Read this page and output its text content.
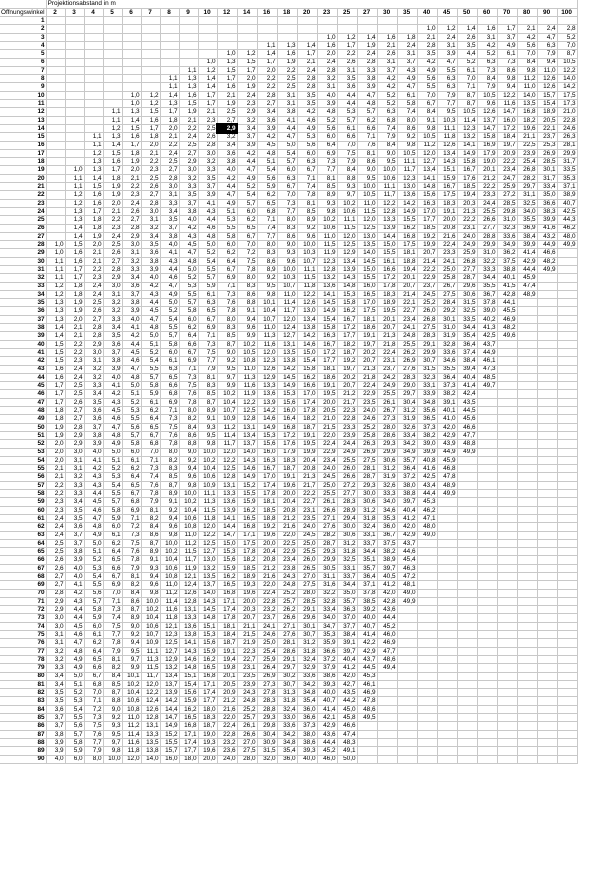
	Projektionsabstand in m																										
Öffnungswinkel	2	3	4	5	6	7	8	9	10	12	14	16	18	20	23	25	27	30	35	40	45	50	60	70	80	90	100
1																											
2																				1,0	1,2	1,4	1,6	1,7	2,1	2,4	2,8
3															1,0	1,2	1,4	1,6	1,8	2,1	2,4	2,6	3,1	3,7	4,2	4,7	5,2
4												1,1	1,3	1,4	1,6	1,7	1,9	2,1	2,4	2,8	3,1	3,5	4,2	4,9	5,6	6,3	7,0
5										1,0	1,2	1,4	1,6	1,7	2,0	2,2	2,4	2,6	3,1	3,5	3,9	4,4	5,2	6,1	7,0	7,9	8,7
6									1,0	1,3	1,5	1,7	1,9	2,1	2,4	2,6	2,8	3,1	3,7	4,2	4,7	5,2	6,3	7,3	8,4	9,4	10,5
7								1,1	1,2	1,5	1,7	2,0	2,2	2,4	2,8	3,1	3,3	3,7	4,3	4,9	5,5	6,1	7,3	8,6	9,8	11,0	12,2
8							1,1	1,3	1,4	1,7	2,0	2,2	2,5	2,8	3,2	3,5	3,8	4,2	4,9	5,6	6,3	7,0	8,4	9,8	11,2	12,6	14,0
9							1,1	1,3	1,4	1,6	1,9	2,2	2,5	2,8	3,1	3,6	3,9	4,2	4,7	5,5	6,3	7,1	7,9	9,4	11,0	12,6	14,2
10					1,0	1,2	1,4	1,6	1,7	2,1	2,4	2,8	3,1	3,5	4,0	4,4	4,7	5,2	6,1	7,0	7,9	8,7	10,5	12,2	14,0	15,7	17,5
11					1,0	1,2	1,3	1,5	1,7	1,9	2,3	2,7	3,1	3,5	3,9	4,4	4,8	5,2	5,8	6,7	7,7	8,7	9,6	11,6	13,5	15,4	17,3
12				1,1	1,3	1,5	1,7	1,9	2,1	2,5	2,9	3,4	3,8	4,2	4,8	5,3	5,7	6,3	7,4	8,4	9,5	10,5	12,6	14,7	16,8	18,9	21,0
13				1,1	1,4	1,6	1,8	2,1	2,3	2,7	3,2	3,6	4,1	4,6	5,2	5,7	6,2	6,8	8,0	9,1	10,3	11,4	13,7	16,0	18,2	20,5	22,8
14				1,2	1,5	1,7	2,0	2,2	2,5	2,9	3,4	3,9	4,4	4,9	5,6	6,1	6,6	7,4	8,6	9,8	11,1	12,3	14,7	17,2	19,6	22,1	24,6
15			1,1	1,3	1,6	1,8	2,1	2,4	2,6	3,2	3,7	4,2	4,7	5,3	6,0	6,6	7,1	7,9	9,2	10,5	11,8	13,2	15,8	18,4	21,1	23,7	26,3
16			1,1	1,4	1,7	2,0	2,2	2,5	2,8	3,4	3,9	4,5	5,0	5,6	6,4	7,0	7,6	8,4	9,8	11,2	12,6	14,1	16,9	19,7	22,5	25,3	28,1
17			1,2	1,5	1,8	2,1	2,4	2,7	3,0	3,6	4,2	4,8	5,4	6,0	6,9	7,5	8,1	9,0	10,5	12,0	13,4	14,9	17,9	20,9	23,9	26,9	29,9
18			1,3	1,6	1,9	2,2	2,5	2,9	3,2	3,8	4,4	5,1	5,7	6,3	7,3	7,9	8,6	9,5	11,1	12,7	14,3	15,8	19,0	22,2	25,4	28,5	31,7
19		1,0	1,3	1,7	2,0	2,3	2,7	3,0	3,3	4,0	4,7	5,4	6,0	6,7	7,7	8,4	9,0	10,0	11,7	13,4	15,1	16,7	20,1	23,4	26,8	30,1	33,5
20		1,1	1,4	1,8	2,1	2,5	2,8	3,2	3,5	4,2	4,9	5,6	6,3	7,1	8,1	8,8	9,5	10,6	12,3	14,1	15,9	17,6	21,2	24,7	28,2	31,7	35,3
21		1,1	1,5	1,9	2,2	2,6	3,0	3,3	3,7	4,4	5,2	5,9	6,7	7,4	8,5	9,3	10,0	11,1	13,0	14,8	16,7	18,5	22,2	25,9	29,7	33,4	37,1
22		1,2	1,6	1,9	2,3	2,7	3,1	3,5	3,9	4,7	5,4	6,2	7,0	7,8	8,9	9,7	10,5	11,7	13,6	15,6	17,5	19,4	23,3	27,2	31,1	35,0	38,9
23		1,2	1,6	2,0	2,4	2,8	3,3	3,7	4,1	4,9	5,7	6,5	7,3	8,1	9,3	10,2	11,0	12,2	14,2	16,3	18,3	20,3	24,4	28,5	32,5	36,6	40,7
24		1,3	1,7	2,1	2,6	3,0	3,4	3,8	4,3	5,1	6,0	6,8	7,7	8,5	9,8	10,6	11,5	12,8	14,9	17,0	19,1	21,3	25,5	29,8	34,0	38,3	42,5
25		1,3	1,8	2,2	2,7	3,1	3,5	4,0	4,4	5,3	6,2	7,1	8,0	8,9	10,2	11,1	12,0	13,3	15,5	17,7	20,0	22,2	26,6	31,0	35,5	39,9	44,3
26		1,4	1,8	2,3	2,8	3,2	3,7	4,2	4,6	5,5	6,5	7,4	8,3	9,2	10,6	11,5	12,5	13,9	16,2	18,5	20,8	23,1	27,7	32,3	36,9	41,6	46,2
27		1,4	1,9	2,4	2,9	3,4	3,8	4,3	4,8	5,8	6,7	7,7	8,6	9,6	11,0	12,0	13,0	14,4	16,8	19,2	21,6	24,0	28,8	33,6	38,4	43,2	48,0
28	1,0	1,5	2,0	2,5	3,0	3,5	4,0	4,5	5,0	6,0	7,0	8,0	9,0	10,0	11,5	12,5	13,5	15,0	17,5	19,9	22,4	24,9	29,9	34,9	39,9	44,9	49,9
29	1,0	1,6	2,1	2,6	3,1	3,6	4,1	4,7	5,2	6,2	7,2	8,3	9,3	10,3	11,9	12,9	14,0	15,5	18,1	20,7	23,3	25,9	31,0	36,2	41,4	46,6	
30	1,1	1,6	2,1	2,7	3,2	3,8	4,3	4,8	5,4	6,4	7,5	8,6	9,6	10,7	12,3	13,4	14,5	16,1	18,8	21,4	24,1	26,8	32,2	37,5	42,9	48,2	
31	1,1	1,7	2,2	2,8	3,3	3,9	4,4	5,0	5,5	6,7	7,8	8,9	10,0	11,1	12,8	13,9	15,0	16,6	19,4	22,2	25,0	27,7	33,3	38,8	44,4	49,9	
32	1,1	1,7	2,3	2,9	3,4	4,0	4,6	5,2	5,7	6,9	8,0	9,2	10,3	11,5	13,2	14,3	15,5	17,2	20,1	22,9	25,8	28,7	34,4	40,1	45,9		
33	1,2	1,8	2,4	3,0	3,6	4,2	4,7	5,3	5,9	7,1	8,3	9,5	10,7	11,8	13,6	14,8	16,0	17,8	20,7	23,7	26,7	29,6	35,5	41,5	47,4		
34	1,2	1,8	2,4	3,1	3,7	4,3	4,9	5,5	6,1	7,3	8,6	9,8	11,0	12,2	14,1	15,3	16,5	18,3	21,4	24,5	27,5	30,6	36,7	42,8	48,9		
35	1,3	1,9	2,5	3,2	3,8	4,4	5,0	5,7	6,3	7,6	8,8	10,1	11,4	12,6	14,5	15,8	17,0	18,9	22,1	25,2	28,4	31,5	37,8	44,1			
36	1,3	1,9	2,6	3,2	3,9	4,5	5,2	5,8	6,5	7,8	9,1	10,4	11,7	13,0	14,9	16,2	17,5	19,5	22,7	26,0	29,2	32,5	39,0	45,5			
37	1,3	2,0	2,7	3,3	4,0	4,7	5,4	6,0	6,7	8,0	9,4	10,7	12,0	13,4	15,4	16,7	18,1	20,1	23,4	26,8	30,1	33,5	40,2	46,9			
38	1,4	2,1	2,8	3,4	4,1	4,8	5,5	6,2	6,9	8,3	9,6	11,0	12,4	13,8	15,8	17,2	18,6	20,7	24,1	27,5	31,0	34,4	41,3	48,2			
39	1,4	2,1	2,8	3,5	4,2	5,0	5,7	6,4	7,1	8,5	9,9	11,3	12,7	14,2	16,3	17,7	19,1	21,3	24,8	28,3	31,9	35,4	42,5	49,6			
40	1,5	2,2	2,9	3,6	4,4	5,1	5,8	6,6	7,3	8,7	10,2	11,6	13,1	14,6	16,7	18,2	19,7	21,8	25,5	29,1	32,8	36,4	43,7				
41	1,5	2,2	3,0	3,7	4,5	5,2	6,0	6,7	7,5	9,0	10,5	12,0	13,5	15,0	17,2	18,7	20,2	22,4	26,2	29,9	33,6	37,4	44,9				
42	1,5	2,3	3,1	3,8	4,6	5,4	6,1	6,9	7,7	9,2	10,8	12,3	13,8	15,4	17,7	19,2	20,7	23,1	26,9	30,7	34,6	38,4	46,1				
43	1,6	2,4	3,2	3,9	4,7	5,5	6,3	7,1	7,9	9,5	11,0	12,6	14,2	15,8	18,1	19,7	21,3	23,7	27,6	31,5	35,5	39,4	47,3				
44	1,6	2,4	3,2	4,0	4,8	5,7	6,5	7,3	8,1	9,7	11,3	12,9	14,5	16,2	18,6	20,2	21,8	24,2	28,3	32,3	36,4	40,4	48,5				
45	1,7	2,5	3,3	4,1	5,0	5,8	6,6	7,5	8,3	9,9	11,6	13,3	14,9	16,6	19,1	20,7	22,4	24,9	29,0	33,1	37,3	41,4	49,7				
46	1,7	2,5	3,4	4,2	5,1	5,9	6,8	7,6	8,5	10,2	11,9	13,6	15,3	17,0	19,5	21,2	22,9	25,5	29,7	33,9	38,2	42,4					
47	1,7	2,6	3,5	4,3	5,2	6,1	6,9	7,8	8,7	10,4	12,2	13,9	15,6	17,4	20,0	21,7	23,5	26,1	30,4	34,8	39,1	43,5					
48	1,8	2,7	3,6	4,5	5,3	6,2	7,1	8,0	8,9	10,7	12,5	14,2	16,0	17,8	20,5	22,3	24,0	26,7	31,2	35,6	40,1	44,5					
49	1,8	2,7	3,6	4,6	5,5	6,4	7,3	8,2	9,1	10,9	12,8	14,6	16,4	18,2	21,0	22,8	24,6	27,3	31,9	36,5	41,0	45,6					
50	1,9	2,8	3,7	4,7	5,6	6,5	7,5	8,4	9,3	11,2	13,1	14,9	16,8	18,7	21,5	23,3	25,2	28,0	32,6	37,3	42,0	46,6					
51	1,9	2,9	3,8	4,8	5,7	6,7	7,6	8,6	9,5	11,4	13,4	15,3	17,2	19,1	22,0	23,9	25,8	28,6	33,4	38,2	42,9	47,7					
52	2,0	2,9	3,9	4,9	5,8	6,8	7,8	8,8	9,8	11,7	13,7	15,6	17,6	19,5	22,4	24,4	26,3	29,3	34,2	39,0	43,9	48,8					
53	2,0	3,0	4,0	5,0	6,0	7,0	8,0	9,0	10,0	12,0	14,0	16,0	17,9	19,9	22,9	24,9	26,9	29,9	34,9	39,9	44,9	49,9					
54	2,0	3,1	4,1	5,1	6,1	7,1	8,2	9,2	10,2	12,2	14,3	16,3	18,3	20,4	23,4	25,5	27,5	30,6	35,7	40,8	45,9						
55	2,1	3,1	4,2	5,2	6,2	7,3	8,3	9,4	10,4	12,5	14,6	16,7	18,7	20,8	24,0	26,0	28,1	31,2	36,4	41,6	46,8						
56	2,1	3,2	4,3	5,3	6,4	7,4	8,5	9,6	10,6	12,8	14,9	17,0	19,1	21,3	24,5	26,6	28,7	31,9	37,2	42,5	47,8						
57	2,2	3,3	4,3	5,4	6,5	7,6	8,7	9,8	10,9	13,1	15,2	17,4	19,6	21,7	25,0	27,2	29,3	32,6	38,0	43,4	48,9						
58	2,2	3,3	4,4	5,5	6,7	7,8	8,9	10,0	11,1	13,3	15,5	17,8	20,0	22,2	25,5	27,7	30,0	33,3	38,8	44,4	49,9						
59	2,3	3,4	4,5	5,7	6,8	7,9	9,1	10,2	11,3	13,6	15,9	18,1	20,4	22,7	26,1	28,3	30,6	34,0	39,7	45,3							
60	2,3	3,5	4,6	5,8	6,9	8,1	9,2	10,4	11,5	13,9	16,2	18,5	20,8	23,1	26,6	28,9	31,2	34,6	40,4	46,2							
61	2,4	3,5	4,7	5,9	7,1	8,2	9,4	10,6	11,8	14,1	16,5	18,8	21,2	23,5	27,1	29,4	31,8	35,3	41,2	47,1							
62	2,4	3,6	4,8	6,0	7,2	8,4	9,6	10,8	12,0	14,4	16,8	19,2	21,6	24,0	27,6	30,0	32,4	36,0	42,0	48,0							
63	2,4	3,7	4,9	6,1	7,3	8,6	9,8	11,0	12,2	14,7	17,1	19,6	22,0	24,5	28,2	30,6	33,1	36,7	42,9	49,0							
64	2,5	3,7	5,0	6,2	7,5	8,7	10,0	11,2	12,5	15,0	17,5	20,0	22,5	25,0	28,7	31,2	33,7	37,5	43,7								
65	2,5	3,8	5,1	6,4	7,6	8,9	10,2	11,5	12,7	15,3	17,8	20,4	22,9	25,5	29,3	31,8	34,4	38,2	44,6								
66	2,6	3,9	5,2	6,5	7,8	9,1	10,4	11,7	13,0	15,6	18,2	20,8	23,4	26,0	29,9	32,5	35,1	38,9	45,4								
67	2,6	4,0	5,3	6,6	7,9	9,3	10,6	11,9	13,2	15,9	18,5	21,2	23,8	26,5	30,5	33,1	35,7	39,7	46,3								
68	2,7	4,0	5,4	6,7	8,1	9,4	10,8	12,1	13,5	16,2	18,9	21,6	24,3	27,0	31,1	33,7	36,4	40,5	47,2								
69	2,7	4,1	5,5	6,9	8,2	9,6	11,0	12,4	13,7	16,5	19,3	22,0	24,8	27,5	31,6	34,4	37,1	41,2	48,1								
70	2,8	4,2	5,6	7,0	8,4	9,8	11,2	12,6	14,0	16,8	19,6	22,4	25,2	28,0	32,2	35,0	37,8	42,0	49,0								
71	2,9	4,3	5,7	7,1	8,6	10,0	11,4	12,8	14,3	17,1	20,0	22,8	25,7	28,5	32,8	35,7	38,5	42,8	49,9								
72	2,9	4,4	5,8	7,3	8,7	10,2	11,6	13,1	14,5	17,4	20,3	23,2	26,2	29,1	33,4	36,3	39,2	43,6									
73	3,0	4,4	5,9	7,4	8,9	10,4	11,8	13,3	14,8	17,8	20,7	23,7	26,6	29,6	34,0	37,0	40,0	44,4									
74	3,0	4,5	6,0	7,5	9,0	10,6	12,1	13,6	15,1	18,1	21,1	24,1	27,1	30,1	34,7	37,7	40,7	45,2									
75	3,1	4,6	6,1	7,7	9,2	10,7	12,3	13,8	15,3	18,4	21,5	24,6	27,6	30,7	35,3	38,4	41,4	46,0									
76	3,1	4,7	6,2	7,8	9,4	10,9	12,5	14,1	15,6	18,7	21,9	25,0	28,1	31,2	35,9	39,1	42,2	46,9									
77	3,2	4,8	6,4	7,9	9,5	11,1	12,7	14,3	15,9	19,1	22,3	25,4	28,6	31,8	36,6	39,7	42,9	47,7									
78	3,2	4,9	6,5	8,1	9,7	11,3	12,9	14,6	16,2	19,4	22,7	25,9	29,1	32,4	37,2	40,4	43,7	48,6									
79	3,3	4,9	6,6	8,2	9,9	11,5	13,2	14,8	16,5	19,8	23,1	26,4	29,7	32,9	37,9	41,2	44,5	49,4									
80	3,4	5,0	6,7	8,4	10,1	11,7	13,4	15,1	16,8	20,1	23,5	26,9	30,2	33,6	38,6	42,0	45,3										
81	3,4	5,1	6,8	8,5	10,2	12,0	13,7	15,4	17,1	20,5	23,9	27,3	30,7	34,2	39,3	42,7	46,1										
82	3,5	5,2	7,0	8,7	10,4	12,2	13,9	15,6	17,4	20,9	24,3	27,8	31,3	34,8	40,0	43,5	46,9										
83	3,5	5,3	7,1	8,8	10,6	12,4	14,2	15,9	17,7	21,2	24,8	28,3	31,8	35,4	40,7	44,2	47,8										
84	3,6	5,4	7,2	9,0	10,8	12,6	14,4	16,2	18,0	21,6	25,2	28,8	32,4	36,0	41,4	45,0	48,6										
85	3,7	5,5	7,3	9,2	11,0	12,8	14,7	16,5	18,3	22,0	25,7	29,3	33,0	36,6	42,1	45,8	49,5										
86	3,7	5,6	7,5	9,3	11,2	13,1	14,9	16,8	18,7	22,4	26,1	29,8	33,6	37,3	42,9	46,6											
87	3,8	5,7	7,6	9,5	11,4	13,3	15,2	17,1	19,0	22,8	26,6	30,4	34,2	38,0	43,6	47,4											
88	3,9	5,8	7,7	9,7	11,6	13,5	15,5	17,4	19,3	23,2	27,0	30,9	34,8	38,6	44,4	48,3											
89	3,9	5,9	7,9	9,8	11,8	13,8	15,7	17,7	19,6	23,6	27,5	31,5	35,4	39,3	45,2	49,1											
90	4,0	6,0	8,0	10,0	12,0	14,0	16,0	18,0	20,0	24,0	28,0	32,0	36,0	40,0	46,0	50,0											
